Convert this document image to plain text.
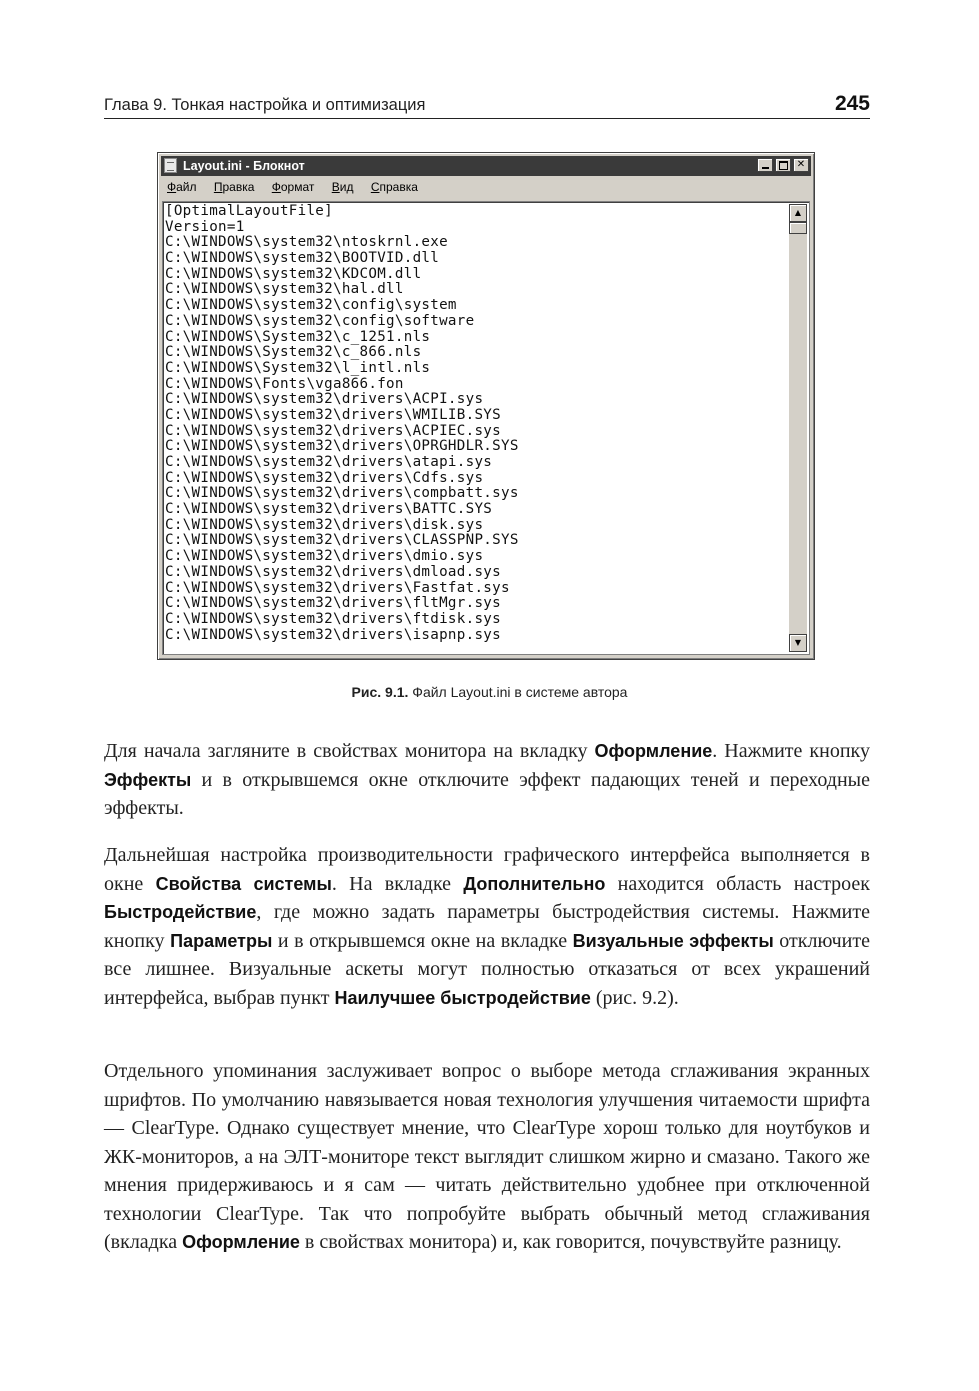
Глава 9. Тонкая настройка и оптимизация	245
Layout.ini - Блокнот	✕
Файл Правка Формат Вид Справка
[OptimalLayoutFile]
Version=1
C:\WINDOWS\system32\ntoskrnl.exe
C:\WINDOWS\system32\BOOTVID.dll
C:\WINDOWS\system32\KDCOM.dll
C:\WINDOWS\system32\hal.dll
C:\WINDOWS\system32\config\system
C:\WINDOWS\system32\config\software
C:\WINDOWS\System32\c_1251.nls
C:\WINDOWS\System32\c_866.nls
C:\WINDOWS\System32\l_intl.nls
C:\WINDOWS\Fonts\vga866.fon
C:\WINDOWS\system32\drivers\ACPI.sys
C:\WINDOWS\system32\drivers\WMILIB.SYS
C:\WINDOWS\system32\drivers\ACPIEC.sys
C:\WINDOWS\system32\drivers\OPRGHDLR.SYS
C:\WINDOWS\system32\drivers\atapi.sys
C:\WINDOWS\system32\drivers\Cdfs.sys
C:\WINDOWS\system32\drivers\compbatt.sys
C:\WINDOWS\system32\drivers\BATTC.SYS
C:\WINDOWS\system32\drivers\disk.sys
C:\WINDOWS\system32\drivers\CLASSPNP.SYS
C:\WINDOWS\system32\drivers\dmio.sys
C:\WINDOWS\system32\drivers\dmload.sys
C:\WINDOWS\system32\drivers\Fastfat.sys
C:\WINDOWS\system32\drivers\fltMgr.sys
C:\WINDOWS\system32\drivers\ftdisk.sys
C:\WINDOWS\system32\drivers\isapnp.sys
▲
▼
Рис. 9.1. Файл Layout.ini в системе автора

Для начала загляните в свойствах монитора на вкладку Оформление. Нажмите кнопку Эффекты и в открывшемся окне отключите эффект падающих теней и переходные эффекты.

Дальнейшая настройка производительности графического интерфейса выполняется в окне Свойства системы. На вкладке Дополнительно находится область настроек Быстродействие, где можно задать параметры быстродействия системы. Нажмите кнопку Параметры и в открывшемся окне на вкладке Визуальные эффекты отключите все лишнее. Визуальные аскеты могут полностью отказаться от всех украшений интерфейса, выбрав пункт Наилучшее быстродействие (рис. 9.2).

Отдельного упоминания заслуживает вопрос о выборе метода сглаживания экранных шрифтов. По умолчанию навязывается новая технология улучшения читаемости шрифта — ClearType. Однако существует мнение, что ClearType хорош только для ноутбуков и ЖК-мониторов, а на ЭЛТ-мониторе текст выглядит слишком жирно и смазано. Такого же мнения придерживаюсь и я сам — читать действительно удобнее при отключенной технологии ClearType. Так что попробуйте выбрать обычный метод сглаживания (вкладка Оформление в свойствах монитора) и, как говорится, почувствуйте разницу.
